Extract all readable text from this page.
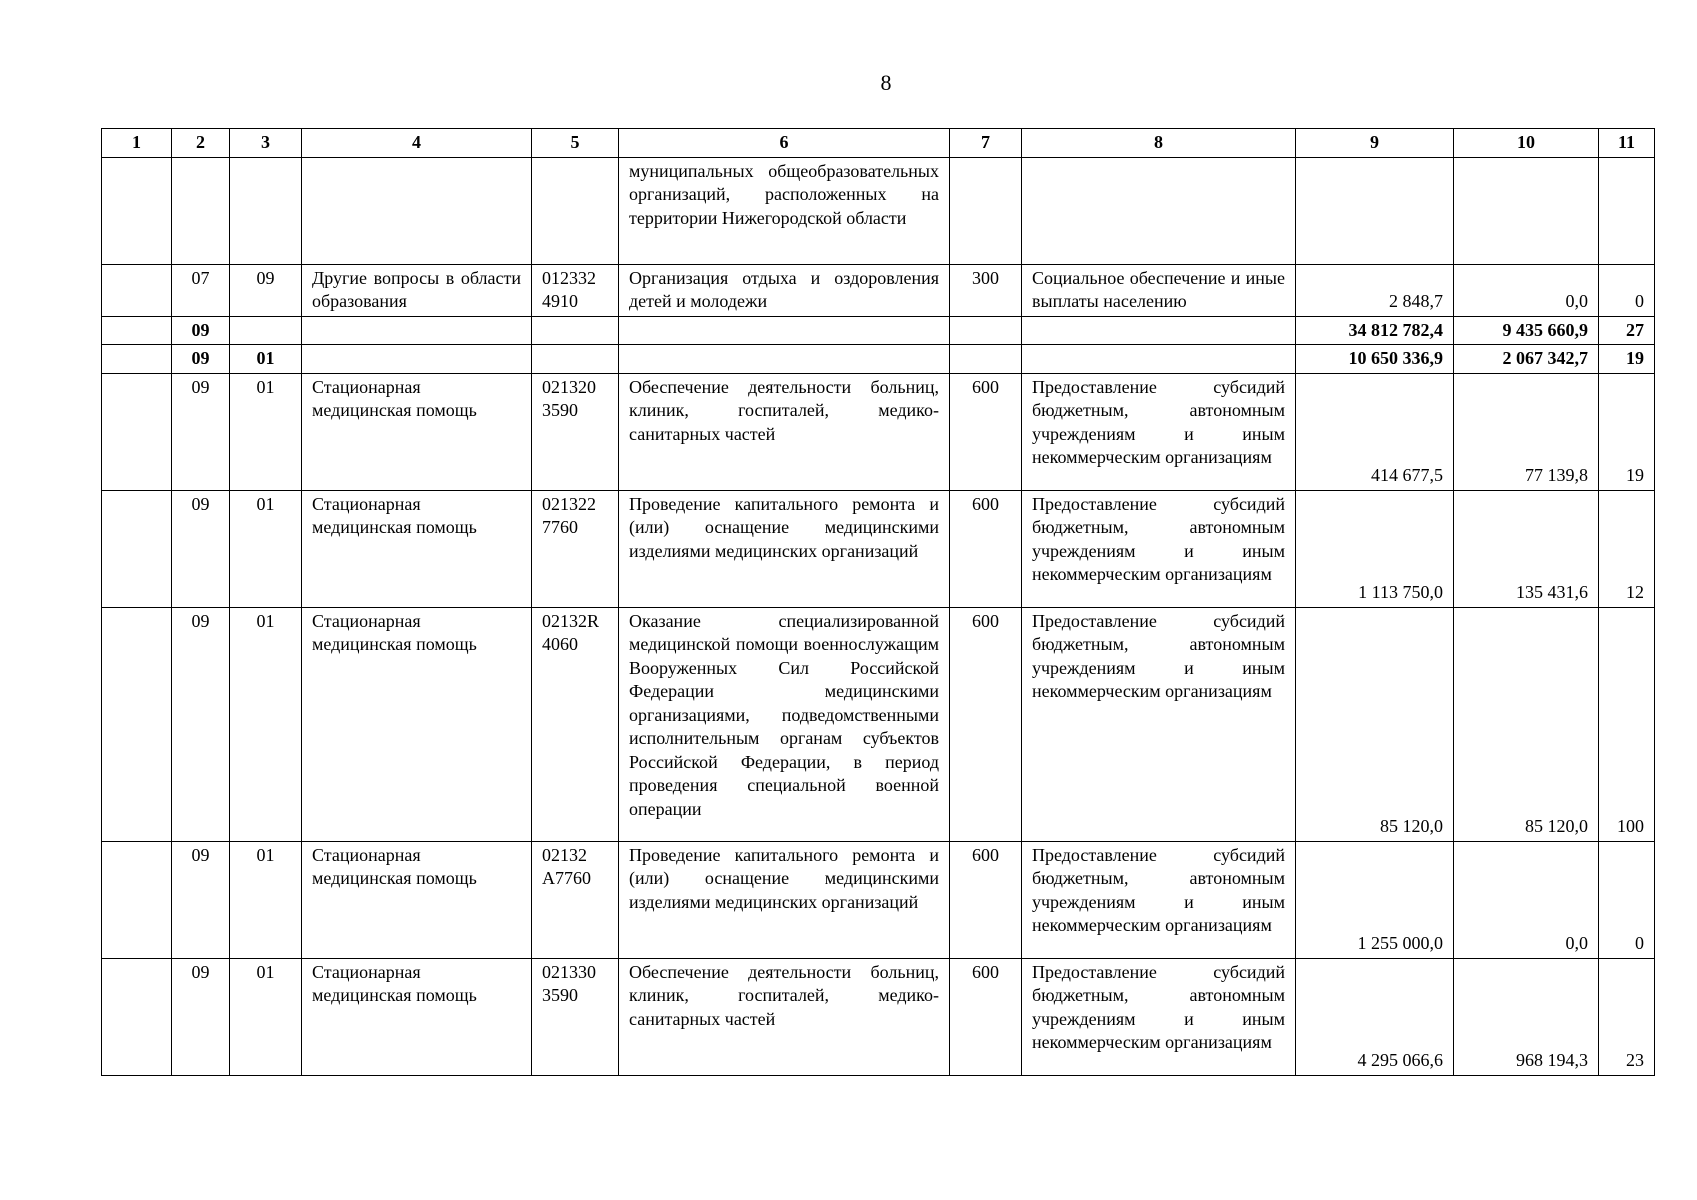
8
1	2	3	4	5	6	7	8	9	10	11
					муниципальных общеобразовательных организаций, расположенных на территории Нижегородской области					
	07	09	Другие вопросы в области образования	012332 4910	Организация отдыха и оздоровления детей и молодежи	300	Социальное обеспечение и иные выплаты населению	2 848,7	0,0	0
	09							34 812 782,4	9 435 660,9	27
	09	01						10 650 336,9	2 067 342,7	19
	09	01	Стационарная медицинская помощь	021320 3590	Обеспечение деятельности больниц, клиник, госпиталей, медико-санитарных частей	600	Предоставление субсидий бюджетным, автономным учреждениям и иным некоммерческим организациям	414 677,5	77 139,8	19
	09	01	Стационарная медицинская помощь	021322 7760	Проведение капитального ремонта и (или) оснащение медицинскими изделиями медицинских организаций	600	Предоставление субсидий бюджетным, автономным учреждениям и иным некоммерческим организациям	1 113 750,0	135 431,6	12
	09	01	Стационарная медицинская помощь	02132R 4060	Оказание специализированной медицинской помощи военнослужащим Вооруженных Сил Российской Федерации медицинскими организациями, подведомственными исполнительным органам субъектов Российской Федерации, в период проведения специальной военной операции	600	Предоставление субсидий бюджетным, автономным учреждениям и иным некоммерческим организациям	85 120,0	85 120,0	100
	09	01	Стационарная медицинская помощь	02132 A7760	Проведение капитального ремонта и (или) оснащение медицинскими изделиями медицинских организаций	600	Предоставление субсидий бюджетным, автономным учреждениям и иным некоммерческим организациям	1 255 000,0	0,0	0
	09	01	Стационарная медицинская помощь	021330 3590	Обеспечение деятельности больниц, клиник, госпиталей, медико-санитарных частей	600	Предоставление субсидий бюджетным, автономным учреждениям и иным некоммерческим организациям	4 295 066,6	968 194,3	23
